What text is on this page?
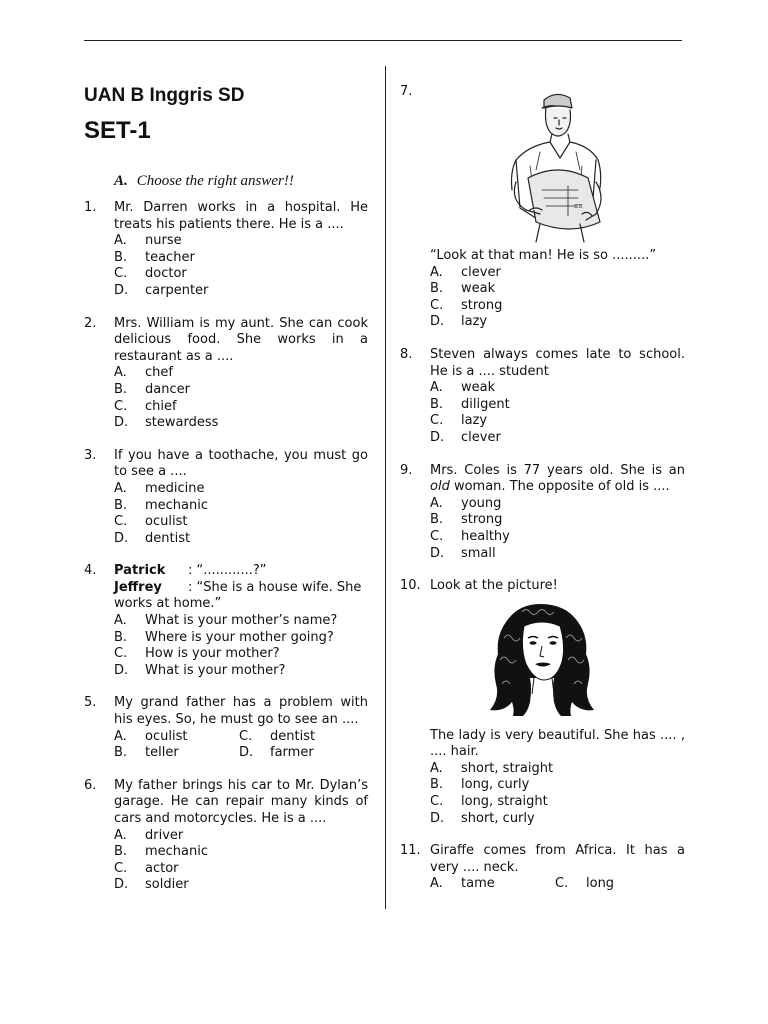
UAN B Inggris SD
SET-1
A. Choose the right answer!!
1.	Mr. Darren works in a hospital. He treats his patients there. He is a ....
A.	nurse
B.	teacher
C.	doctor
D.	carpenter
2.	Mrs. William is my aunt. She can cook delicious food. She works in a restaurant as a ....
A.	chef
B.	dancer
C.	chief
D.	stewardess
3.	If you have a toothache, you must go to see a ....
A.	medicine
B.	mechanic
C.	oculist
D.	dentist
4.	Patrick : “............?”
Jeffrey : “She is a house wife. She works at home.”
A.	What is your mother’s name?
B.	Where is your mother going?
C.	How is your mother?
D.	What is your mother?
5.	My grand father has a problem with his eyes. So, he must go to see an ....
A.	oculist	C.	dentist
B.	teller	D.	farmer
6.	My father brings his car to Mr. Dylan’s garage. He can repair many kinds of cars and motorcycles. He is a ....
A.	driver
B.	mechanic
C.	actor
D.	soldier
7.
≡≡
“Look at that man! He is so .........”
A.	clever
B.	weak
C.	strong
D.	lazy
8.	Steven always comes late to school. He is a .... student
A.	weak
B.	diligent
C.	lazy
D.	clever
9.	Mrs. Coles is 77 years old. She is an old woman. The opposite of old is ....
A.	young
B.	strong
C.	healthy
D.	small
10. Look at the picture!
The lady is very beautiful. She has .... , .... hair.
A.	short, straight
B.	long, curly
C.	long, straight
D.	short, curly
11. Giraffe comes from Africa. It has a very .... neck.
A.	tame	C.	long
